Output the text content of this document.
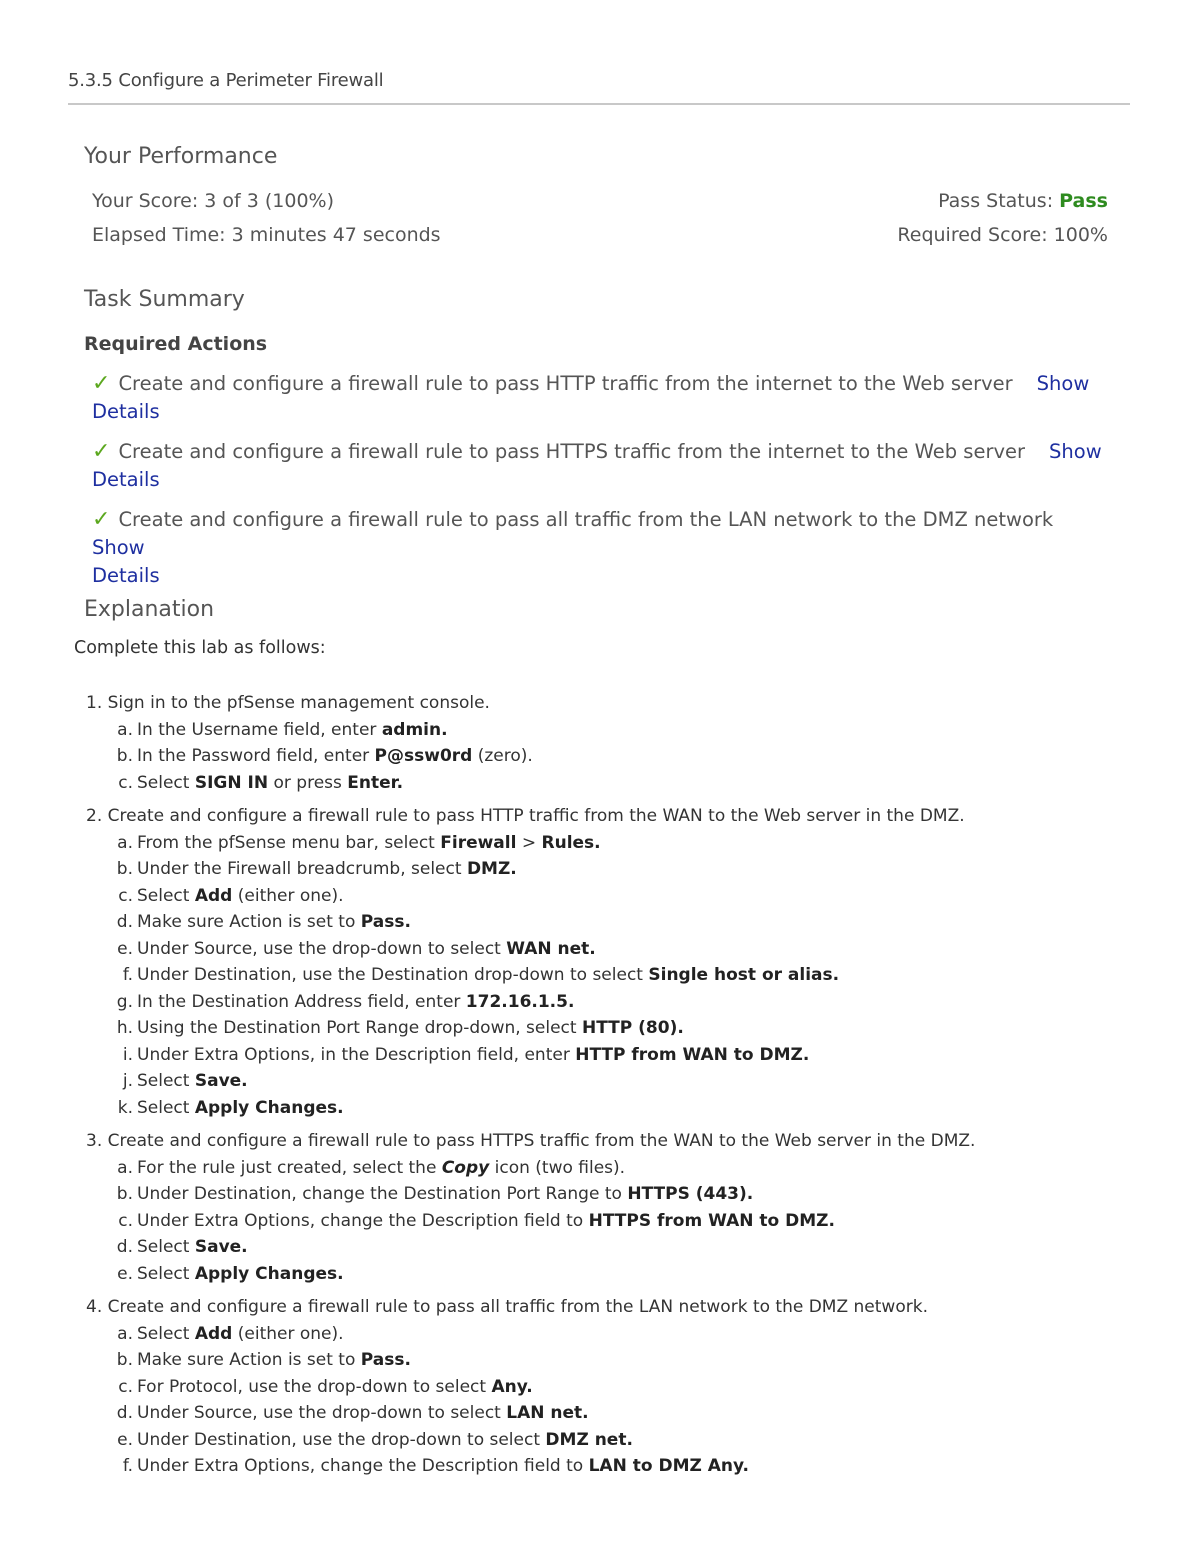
5.3.5 Configure a Perimeter Firewall
Your Performance
Your Score: 3 of 3 (100%)	Pass Status: Pass
Elapsed Time: 3 minutes 47 seconds	Required Score: 100%
Task Summary
Required Actions
✓ Create and configure a firewall rule to pass HTTP traffic from the internet to the Web server Show
Details
✓ Create and configure a firewall rule to pass HTTPS traffic from the internet to the Web server Show
Details
✓ Create and configure a firewall rule to pass all traffic from the LAN network to the DMZ networkShow
Details
Explanation
Complete this lab as follows:
1. Sign in to the pfSense management console.
a. In the Username field, enter admin.
b. In the Password field, enter P@ssw0rd (zero).
c. Select SIGN IN or press Enter.
2. Create and configure a firewall rule to pass HTTP traffic from the WAN to the Web server in the DMZ.
a. From the pfSense menu bar, select Firewall > Rules.
b. Under the Firewall breadcrumb, select DMZ.
c. Select Add (either one).
d. Make sure Action is set to Pass.
e. Under Source, use the drop-down to select WAN net.
f. Under Destination, use the Destination drop-down to select Single host or alias.
g. In the Destination Address field, enter 172.16.1.5.
h. Using the Destination Port Range drop-down, select HTTP (80).
i. Under Extra Options, in the Description field, enter HTTP from WAN to DMZ.
j. Select Save.
k. Select Apply Changes.
3. Create and configure a firewall rule to pass HTTPS traffic from the WAN to the Web server in the DMZ.
a. For the rule just created, select the Copy icon (two files).
b. Under Destination, change the Destination Port Range to HTTPS (443).
c. Under Extra Options, change the Description field to HTTPS from WAN to DMZ.
d. Select Save.
e. Select Apply Changes.
4. Create and configure a firewall rule to pass all traffic from the LAN network to the DMZ network.
a. Select Add (either one).
b. Make sure Action is set to Pass.
c. For Protocol, use the drop-down to select Any.
d. Under Source, use the drop-down to select LAN net.
e. Under Destination, use the drop-down to select DMZ net.
f. Under Extra Options, change the Description field to LAN to DMZ Any.
